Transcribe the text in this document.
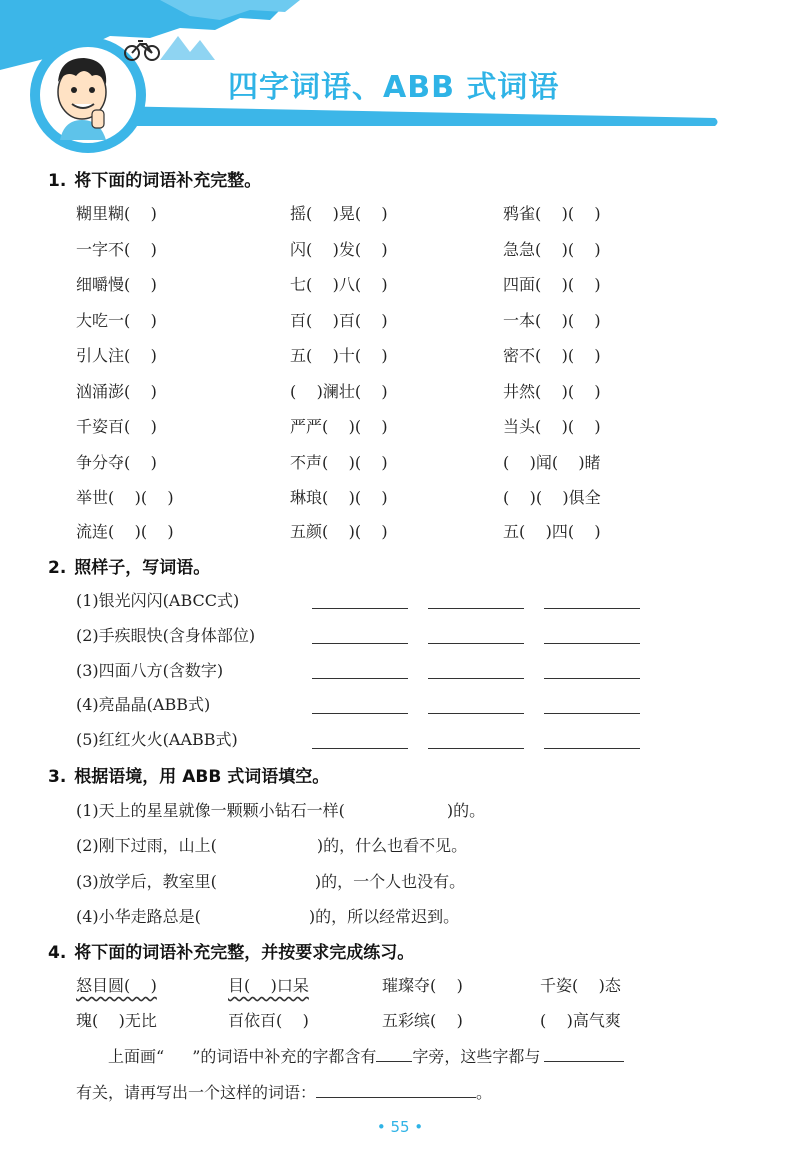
四字词语、ABB 式词语
1. 将下面的词语补充完整。
糊里糊(    )	摇(    )晃(    )	鸦雀(    )(    )
一字不(    )	闪(    )发(    )	急急(    )(    )
细嚼慢(    )	七(    )八(    )	四面(    )(    )
大吃一(    )	百(    )百(    )	一本(    )(    )
引人注(    )	五(    )十(    )	密不(    )(    )
汹涌澎(    )	(    )澜壮(    )	井然(    )(    )
千姿百(    )	严严(    )(    )	当头(    )(    )
争分夺(    )	不声(    )(    )	(    )闻(    )睹
举世(    )(    )	琳琅(    )(    )	(    )(    )俱全
流连(    )(    )	五颜(    )(    )	五(    )四(    )
2. 照样子，写词语。
(1)银光闪闪(ABCC式)
(2)手疾眼快(含身体部位)
(3)四面八方(含数字)
(4)亮晶晶(ABB式)
(5)红红火火(AABB式)
3. 根据语境，用 ABB 式词语填空。
(1)天上的星星就像一颗颗小钻石一样(	)的。
(2)刚下过雨，山上(	)的，什么也看不见。
(3)放学后，教室里(	)的，一个人也没有。
(4)小华走路总是(	)的，所以经常迟到。
4. 将下面的词语补充完整，并按要求完成练习。
怒目圆(    )	目(    )口呆	璀璨夺(    )	千姿(    )态
瑰(    )无比	百依百(    )	五彩缤(    )	(    )高气爽
上面画“ ”的词语中补充的字都含有 字旁，这些字都与
有关，请再写出一个这样的词语：	。
• 55 •
